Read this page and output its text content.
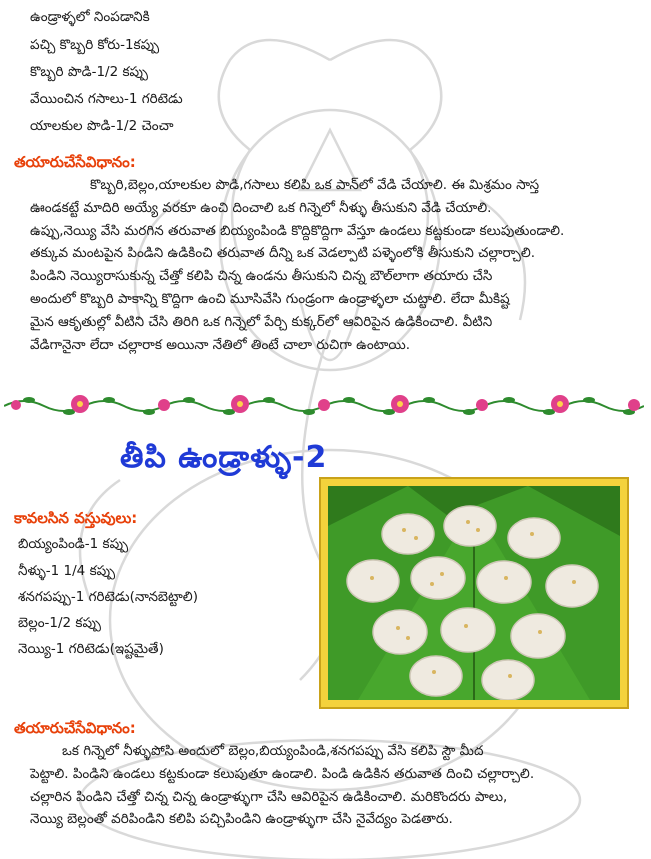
ఉండ్రాళ్ళలో నింపడానికి
పచ్చి కొబ్బరి కోరు-1కప్పు
కొబ్బరి పొడి-1/2 కప్పు
వేయించిన గసాలు-1 గరిటెడు
యాలకుల పొడి-1/2 చెంచా
తయారుచేసేవిధానం:
కొబ్బరి,బెల్లం,యాలకుల పొడి,గసాలు కలిపి ఒక పాన్‌లో వేడి చేయాలి. ఈ మిశ్రమం సాస్త
ఊండకట్టే మాదిరి అయ్యే వరకూ ఉంచి దించాలి ఒక గిన్నెలో నీళ్ళు తీసుకుని వేడి చేయాలి.
ఉప్పు,నెయ్యి వేసి మరగిన తరువాత బియ్యంపిండి కొద్దికొద్దిగా వేస్తూ ఉండలు కట్టకుండా కలుపుతుండాలి.
తక్కువ మంటపైన పిండిని ఉడికించి తరువాత దీన్ని ఒక వెడల్పాటి పళ్ళెంలోకి తీసుకుని చల్లార్చాలి.
పిండిని నెయ్యిరాసుకున్న చేత్తో కలిపి చిన్న ఉండను తీసుకుని చిన్న బౌల్‌లాగా తయారు చేసి
అందులో కొబ్బరి పాకాన్ని కొద్దిగా ఉంచి మూసివేసి గుండ్రంగా ఉండ్రాళ్ళలా చుట్టాలి. లేదా మీకిష్ట
మైన ఆకృతుల్లో వీటిని చేసి తిరిగి ఒక గిన్నెలో పేర్చి కుక్కర్‌లో ఆవిరిపైన ఉడికించాలి. వీటిని
వేడిగానైనా లేదా చల్లారాక అయినా నేతిలో తింటే చాలా రుచిగా ఉంటాయి.
తీపి ఉండ్రాళ్ళు-2
కావలసిన వస్తువులు:
బియ్యంపిండి-1 కప్పు
నీళ్ళు-1 1/4 కప్పు
శనగపప్పు-1 గరిటెడు(నానబెట్టాలి)
బెల్లం-1/2 కప్పు
నెయ్యి-1 గరిటెడు(ఇష్టమైతే)
తయారుచేసేవిధానం:
ఒక గిన్నెలో నీళ్ళుపోసి అందులో బెల్లం,బియ్యంపిండి,శనగపప్పు వేసి కలిపి స్టౌ మీద
పెట్టాలి. పిండిని ఉండలు కట్టకుండా కలుపుతూ ఉండాలి. పిండి ఉడికిన తరువాత దించి చల్లార్చాలి.
చల్లారిన పిండిని చేత్తో చిన్న చిన్న ఉండ్రాళ్ళుగా చేసి ఆవిరిపైన ఉడికించాలి. మరికొందరు పాలు,
నెయ్యి బెల్లంతో వరిపిండిని కలిపి పచ్చిపిండిని ఉండ్రాళ్ళుగా చేసి నైవేద్యం పెడతారు.
